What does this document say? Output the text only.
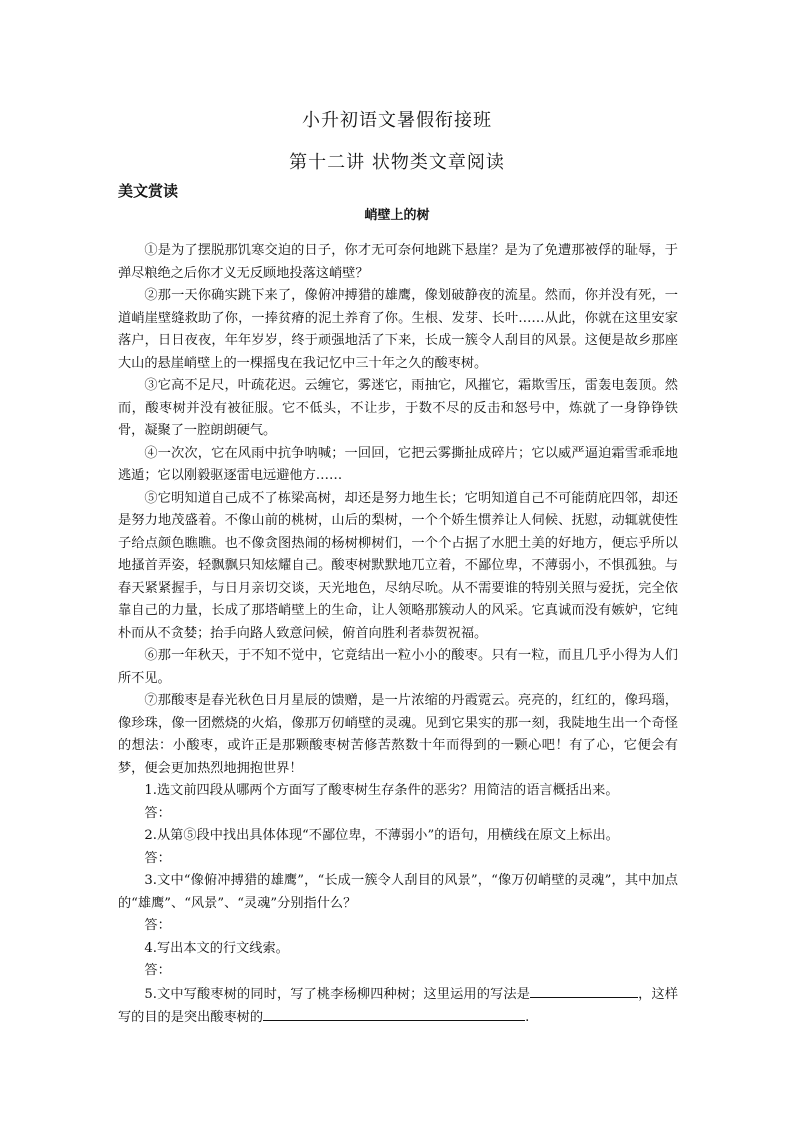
小升初语文暑假衔接班
第十二讲 状物类文章阅读
美文赏读
峭壁上的树

①是为了摆脱那饥寒交迫的日子，你才无可奈何地跳下悬崖？是为了免遭那被俘的耻辱，于弹尽粮绝之后你才义无反顾地投落这峭壁？

②那一天你确实跳下来了，像俯冲搏猎的雄鹰，像划破静夜的流星。然而，你并没有死，一道峭崖壁缝救助了你，一捧贫瘠的泥土养育了你。生根、发芽、长叶……从此，你就在这里安家落户，日日夜夜，年年岁岁，终于顽强地活了下来，长成一簇令人刮目的风景。这便是故乡那座大山的悬崖峭壁上的一棵摇曳在我记忆中三十年之久的酸枣树。

③它高不足尺，叶疏花迟。云缠它，雾迷它，雨抽它，风摧它，霜欺雪压，雷轰电轰顶。然而，酸枣树并没有被征服。它不低头，不让步，于数不尽的反击和怒号中，炼就了一身铮铮铁骨，凝聚了一腔朗朗硬气。

④一次次，它在风雨中抗争呐喊；一回回，它把云雾撕扯成碎片；它以威严逼迫霜雪乖乖地逃遁；它以刚毅驱逐雷电远避他方……

⑤它明知道自己成不了栋梁高树，却还是努力地生长；它明知道自己不可能荫庇四邻，却还是努力地茂盛着。不像山前的桃树，山后的梨树，一个个娇生惯养让人伺候、抚慰，动辄就使性子给点颜色瞧瞧。也不像贪图热闹的杨树柳树们，一个个占据了水肥土美的好地方，便忘乎所以地搔首弄姿，轻飘飘只知炫耀自己。酸枣树默默地兀立着，不鄙位卑，不薄弱小，不惧孤独。与春天紧紧握手，与日月亲切交谈，天光地色，尽纳尽吮。从不需要谁的特别关照与爱抚，完全依靠自己的力量，长成了那塔峭壁上的生命，让人领略那簇动人的风采。它真诚而没有嫉妒，它纯朴而从不贪婪；抬手向路人致意问候，俯首向胜利者恭贺祝福。

⑥那一年秋天，于不知不觉中，它竟结出一粒小小的酸枣。只有一粒，而且几乎小得为人们所不见。

⑦那酸枣是春光秋色日月星辰的馈赠，是一片浓缩的丹霞霓云。亮亮的，红红的，像玛瑙，像珍珠，像一团燃烧的火焰，像那万仞峭壁的灵魂。见到它果实的那一刻，我陡地生出一个奇怪的想法：小酸枣，或许正是那颗酸枣树苦修苦熬数十年而得到的一颗心吧！有了心，它便会有梦，便会更加热烈地拥抱世界！

1.选文前四段从哪两个方面写了酸枣树生存条件的恶劣？用简洁的语言概括出来。

答：

2.从第⑤段中找出具体体现“不鄙位卑，不薄弱小”的语句，用横线在原文上标出。

答：

3.文中“像俯冲搏猎的雄鹰”，“长成一簇令人刮目的风景”，“像万仞峭壁的灵魂”，其中加点的“雄鹰”、“风景”、“灵魂”分别指什么？

答：

4.写出本文的行文线索。

答：

5.文中写酸枣树的同时，写了桃李杨柳四种树；这里运用的写法是	，这样写的目的是突出酸枣树的	.
